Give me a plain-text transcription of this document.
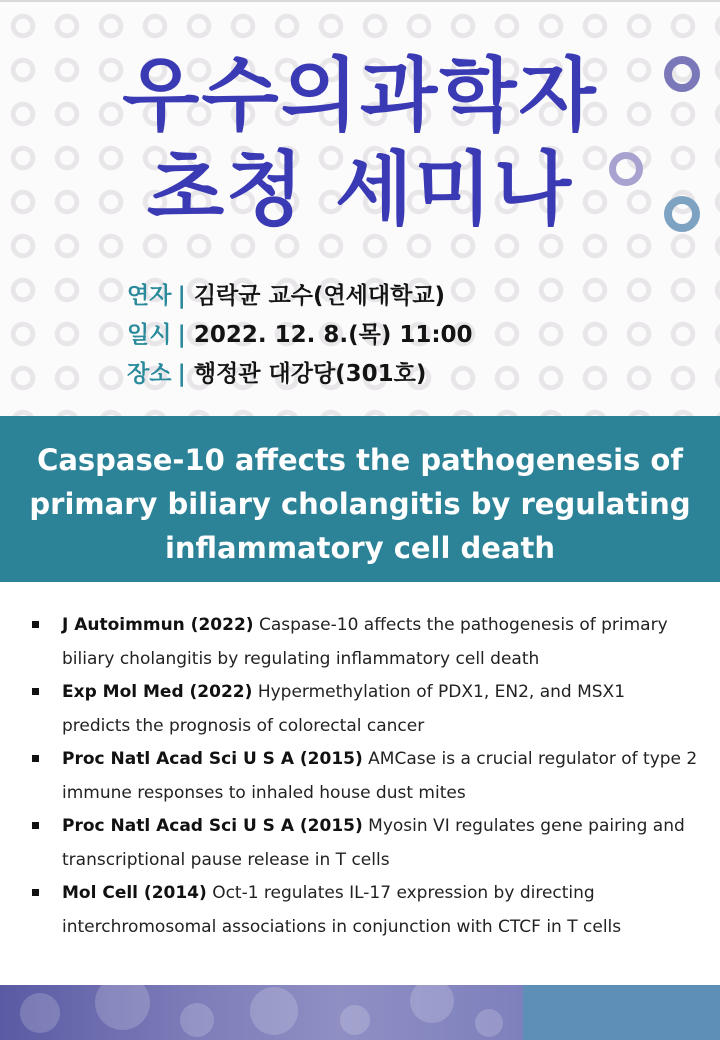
우수의과학자
초청 세미나
연자 | 김락균 교수(연세대학교)
일시 | 2022. 12. 8.(목) 11:00
장소 | 행정관 대강당(301호)
Caspase-10 affects the pathogenesis of
primary biliary cholangitis by regulating
inflammatory cell death
J Autoimmun (2022) Caspase-10 affects the pathogenesis of primary
biliary cholangitis by regulating inflammatory cell death
Exp Mol Med (2022) Hypermethylation of PDX1, EN2, and MSX1
predicts the prognosis of colorectal cancer
Proc Natl Acad Sci U S A (2015) AMCase is a crucial regulator of type 2
immune responses to inhaled house dust mites
Proc Natl Acad Sci U S A (2015) Myosin VI regulates gene pairing and
transcriptional pause release in T cells
Mol Cell (2014) Oct-1 regulates IL-17 expression by directing
interchromosomal associations in conjunction with CTCF in T cells
